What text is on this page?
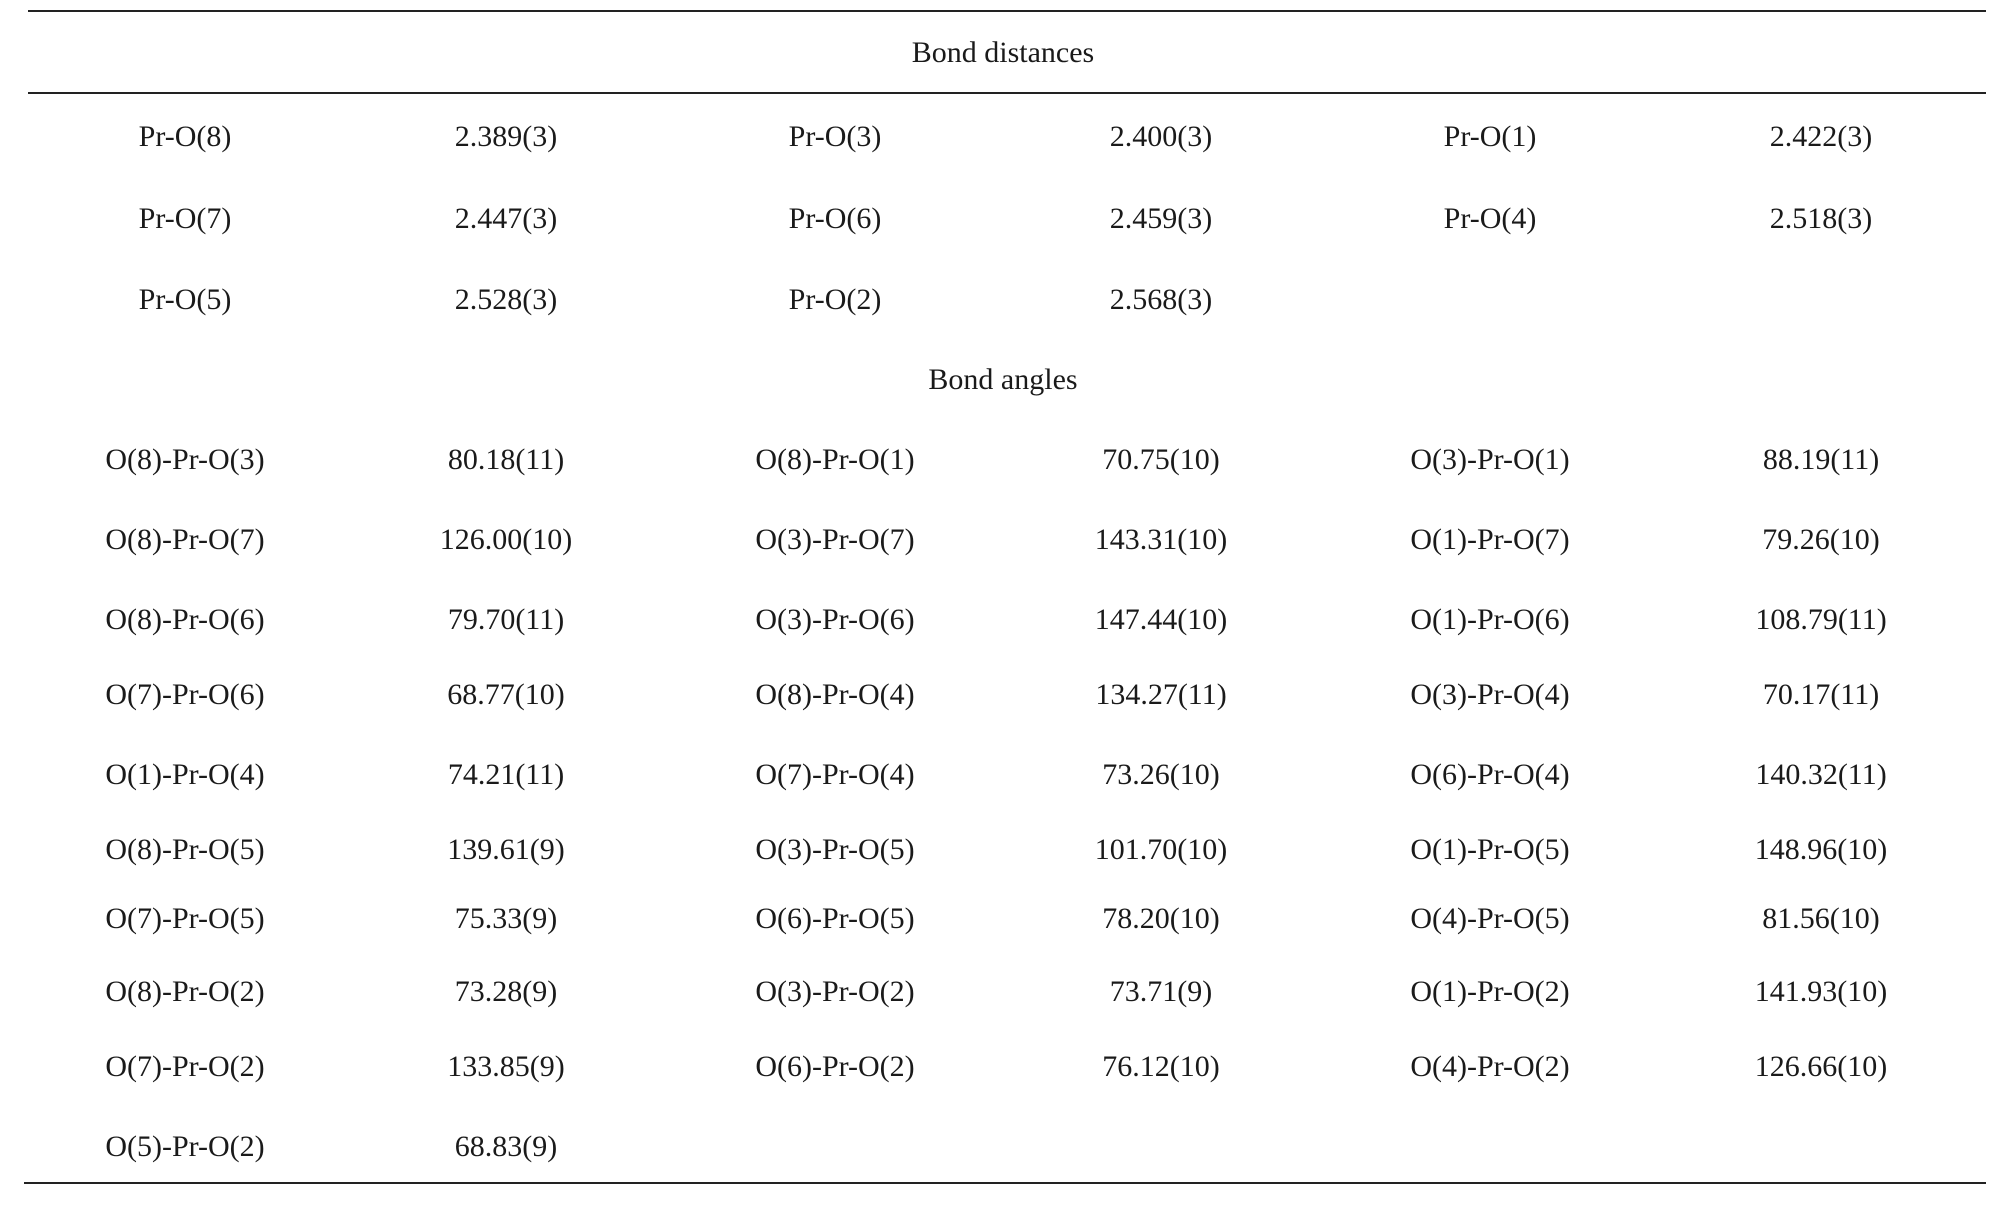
Bond distances
Pr-O(8)	2.389(3)	Pr-O(3)	2.400(3)	Pr-O(1)	2.422(3)
Pr-O(7)	2.447(3)	Pr-O(6)	2.459(3)	Pr-O(4)	2.518(3)
Pr-O(5)	2.528(3)	Pr-O(2)	2.568(3)
Bond angles
O(8)-Pr-O(3)	80.18(11)	O(8)-Pr-O(1)	70.75(10)	O(3)-Pr-O(1)	88.19(11)
O(8)-Pr-O(7)	126.00(10)	O(3)-Pr-O(7)	143.31(10)	O(1)-Pr-O(7)	79.26(10)
O(8)-Pr-O(6)	79.70(11)	O(3)-Pr-O(6)	147.44(10)	O(1)-Pr-O(6)	108.79(11)
O(7)-Pr-O(6)	68.77(10)	O(8)-Pr-O(4)	134.27(11)	O(3)-Pr-O(4)	70.17(11)
O(1)-Pr-O(4)	74.21(11)	O(7)-Pr-O(4)	73.26(10)	O(6)-Pr-O(4)	140.32(11)
O(8)-Pr-O(5)	139.61(9)	O(3)-Pr-O(5)	101.70(10)	O(1)-Pr-O(5)	148.96(10)
O(7)-Pr-O(5)	75.33(9)	O(6)-Pr-O(5)	78.20(10)	O(4)-Pr-O(5)	81.56(10)
O(8)-Pr-O(2)	73.28(9)	O(3)-Pr-O(2)	73.71(9)	O(1)-Pr-O(2)	141.93(10)
O(7)-Pr-O(2)	133.85(9)	O(6)-Pr-O(2)	76.12(10)	O(4)-Pr-O(2)	126.66(10)
O(5)-Pr-O(2)	68.83(9)
